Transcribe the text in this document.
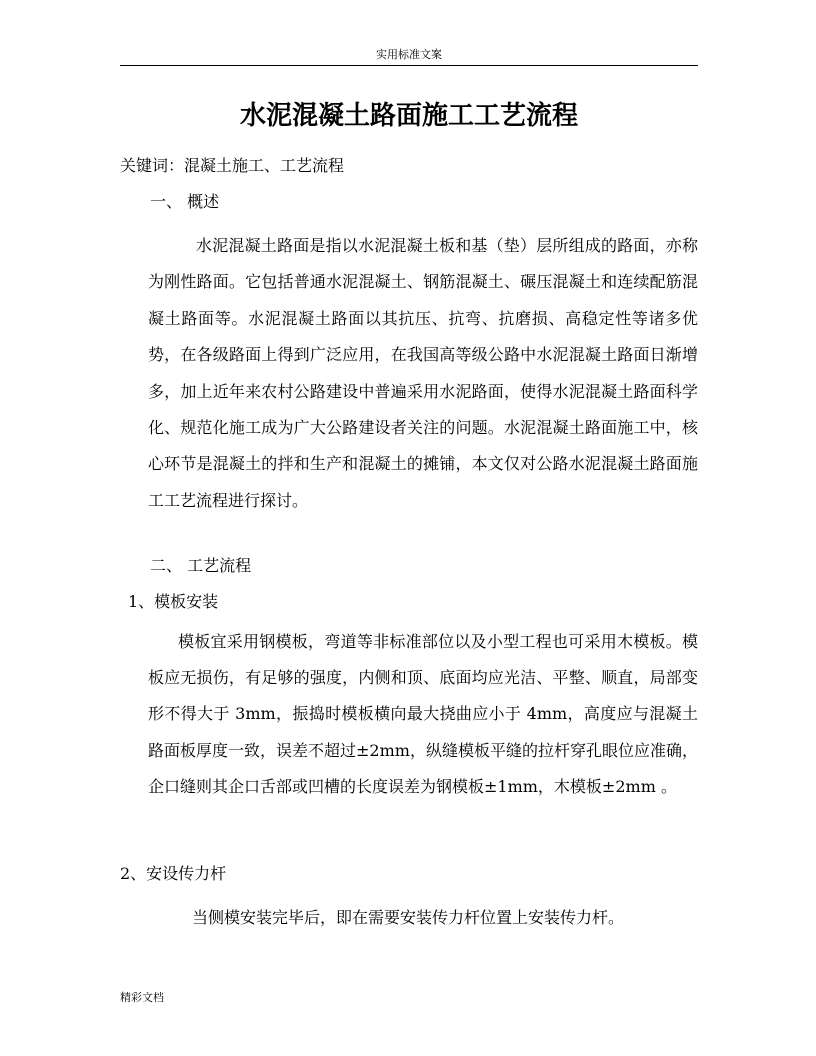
实用标准文案
水泥混凝土路面施工工艺流程
关键词：混凝土施工、工艺流程
一、 概述
水泥混凝土路面是指以水泥混凝土板和基（垫）层所组成的路面，亦称为刚性路面。它包括普通水泥混凝土、钢筋混凝土、碾压混凝土和连续配筋混凝土路面等。水泥混凝土路面以其抗压、抗弯、抗磨损、高稳定性等诸多优势，在各级路面上得到广泛应用，在我国高等级公路中水泥混凝土路面日渐增多，加上近年来农村公路建设中普遍采用水泥路面，使得水泥混凝土路面科学化、规范化施工成为广大公路建设者关注的问题。水泥混凝土路面施工中，核心环节是混凝土的拌和生产和混凝土的摊铺，本文仅对公路水泥混凝土路面施工工艺流程进行探讨。
二、 工艺流程
1、模板安装
模板宜采用钢模板，弯道等非标准部位以及小型工程也可采用木模板。模板应无损伤，有足够的强度，内侧和顶、底面均应光洁、平整、顺直，局部变形不得大于 3mm，振捣时模板横向最大挠曲应小于 4mm，高度应与混凝土路面板厚度一致，误差不超过±2mm，纵缝模板平缝的拉杆穿孔眼位应准确，企口缝则其企口舌部或凹槽的长度误差为钢模板±1mm，木模板±2mm 。
2、安设传力杆
当侧模安装完毕后，即在需要安装传力杆位置上安装传力杆。
精彩文档
